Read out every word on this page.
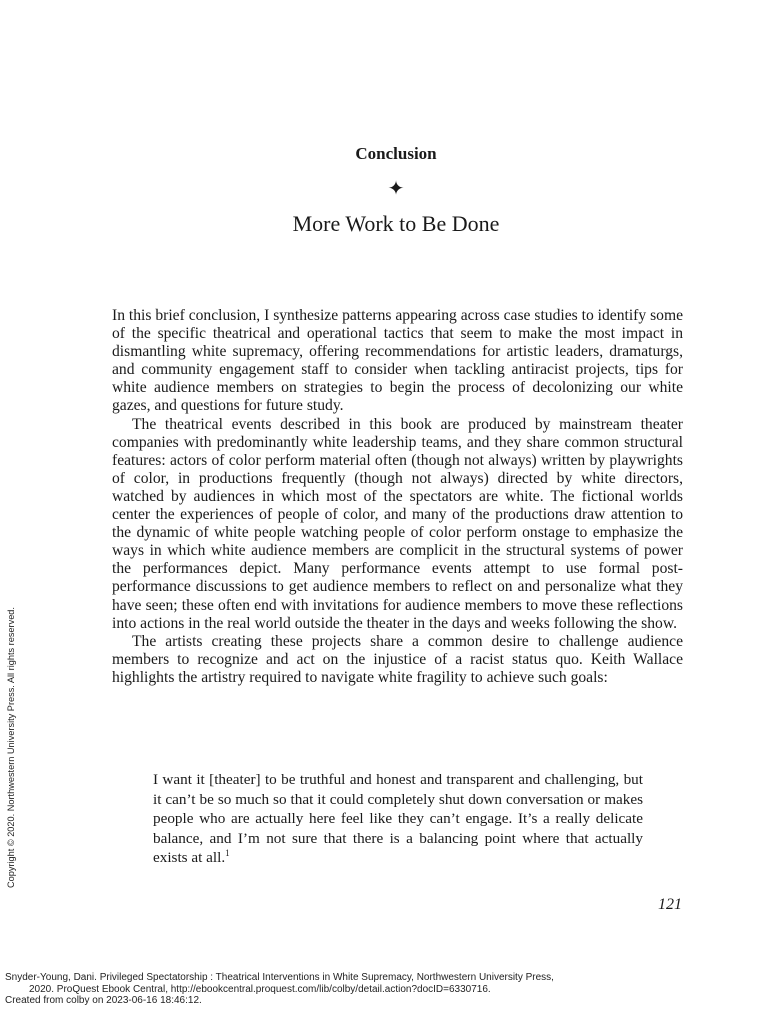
Conclusion
✦
More Work to Be Done

In this brief conclusion, I synthesize patterns appearing across case studies to identify some of the specific theatrical and operational tactics that seem to make the most impact in dismantling white supremacy, offering recommendations for artistic leaders, dramaturgs, and community engagement staff to consider when tackling antiracist projects, tips for white audience members on strategies to begin the process of decolonizing our white gazes, and questions for future study.

The theatrical events described in this book are produced by mainstream theater companies with predominantly white leadership teams, and they share common structural features: actors of color perform material often (though not always) written by playwrights of color, in productions frequently (though not always) directed by white directors, watched by audiences in which most of the spectators are white. The fictional worlds center the experiences of people of color, and many of the productions draw attention to the dynamic of white people watching people of color perform onstage to emphasize the ways in which white audience members are complicit in the structural systems of power the performances depict. Many performance events attempt to use formal post-performance discussions to get audience members to reflect on and personalize what they have seen; these often end with invitations for audience members to move these reflections into actions in the real world outside the theater in the days and weeks following the show.

The artists creating these projects share a common desire to challenge audience members to recognize and act on the injustice of a racist status quo. Keith Wallace highlights the artistry required to navigate white fragility to achieve such goals:

I want it [theater] to be truthful and honest and transparent and challenging, but it can’t be so much so that it could completely shut down conversation or makes people who are actually here feel like they can’t engage. It’s a really delicate balance, and I’m not sure that there is a balancing point where that actually exists at all.$^1$

121
Copyright © 2020. Northwestern University Press. All rights reserved.
Snyder-Young, Dani. Privileged Spectatorship : Theatrical Interventions in White Supremacy, Northwestern University Press,
2020. ProQuest Ebook Central, http://ebookcentral.proquest.com/lib/colby/detail.action?docID=6330716.
Created from colby on 2023-06-16 18:46:12.
